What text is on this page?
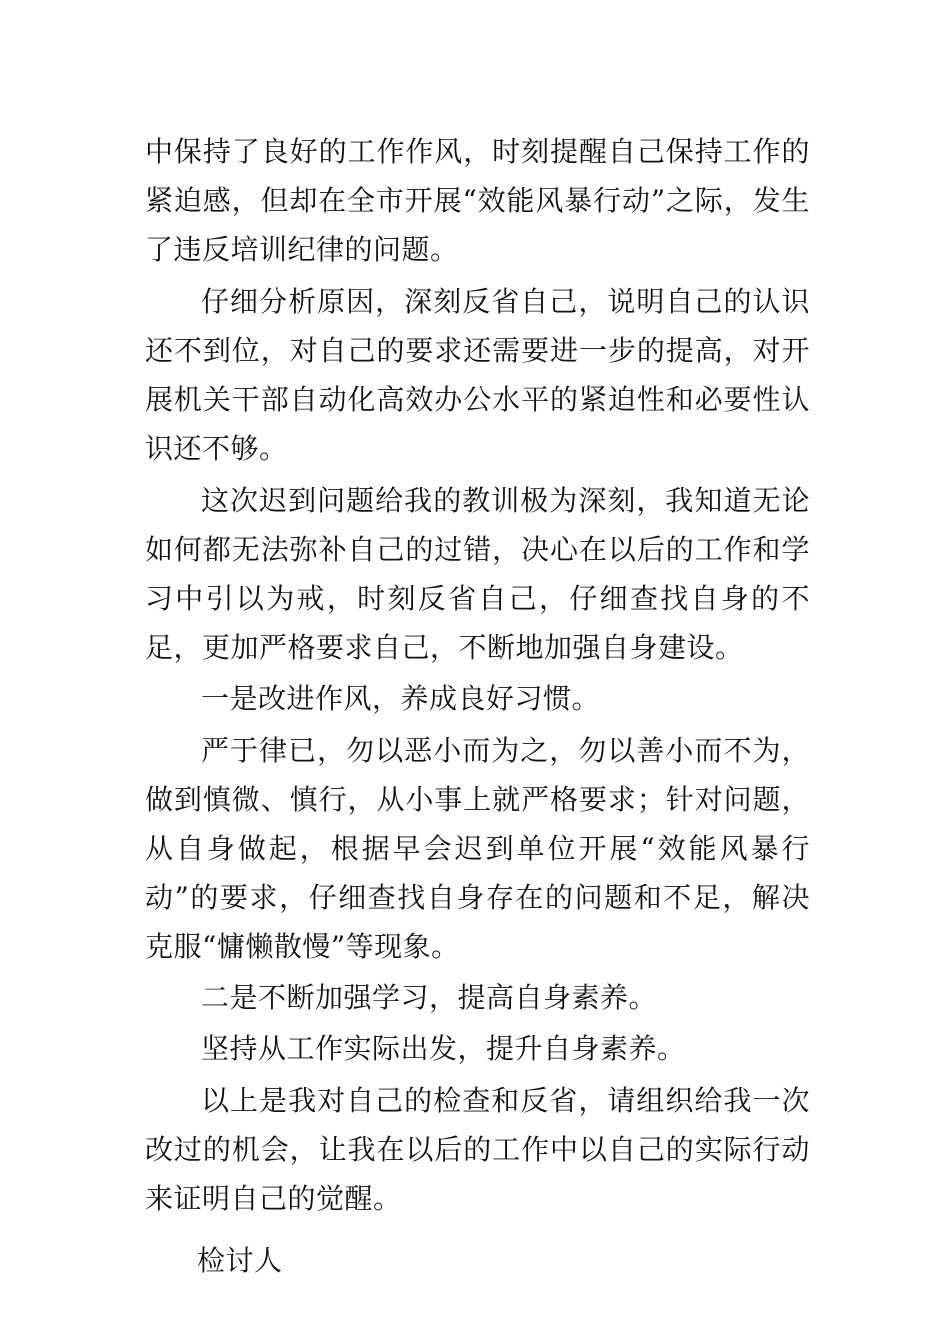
中保持了良好的工作作风，时刻提醒自己保持工作的紧迫感，但却在全市开展“效能风暴行动”之际，发生了违反培训纪律的问题。

仔细分析原因，深刻反省自己，说明自己的认识还不到位，对自己的要求还需要进一步的提高，对开展机关干部自动化高效办公水平的紧迫性和必要性认识还不够。

这次迟到问题给我的教训极为深刻，我知道无论如何都无法弥补自己的过错，决心在以后的工作和学习中引以为戒，时刻反省自己，仔细查找自身的不足，更加严格要求自己，不断地加强自身建设。

一是改进作风，养成良好习惯。

严于律已，勿以恶小而为之，勿以善小而不为，做到慎微、慎行，从小事上就严格要求；针对问题，从自身做起，根据早会迟到单位开展“效能风暴行动”的要求，仔细查找自身存在的问题和不足，解决克服“慵懒散慢”等现象。

二是不断加强学习，提高自身素养。

坚持从工作实际出发，提升自身素养。

以上是我对自己的检查和反省，请组织给我一次改过的机会，让我在以后的工作中以自己的实际行动来证明自己的觉醒。

检讨人
